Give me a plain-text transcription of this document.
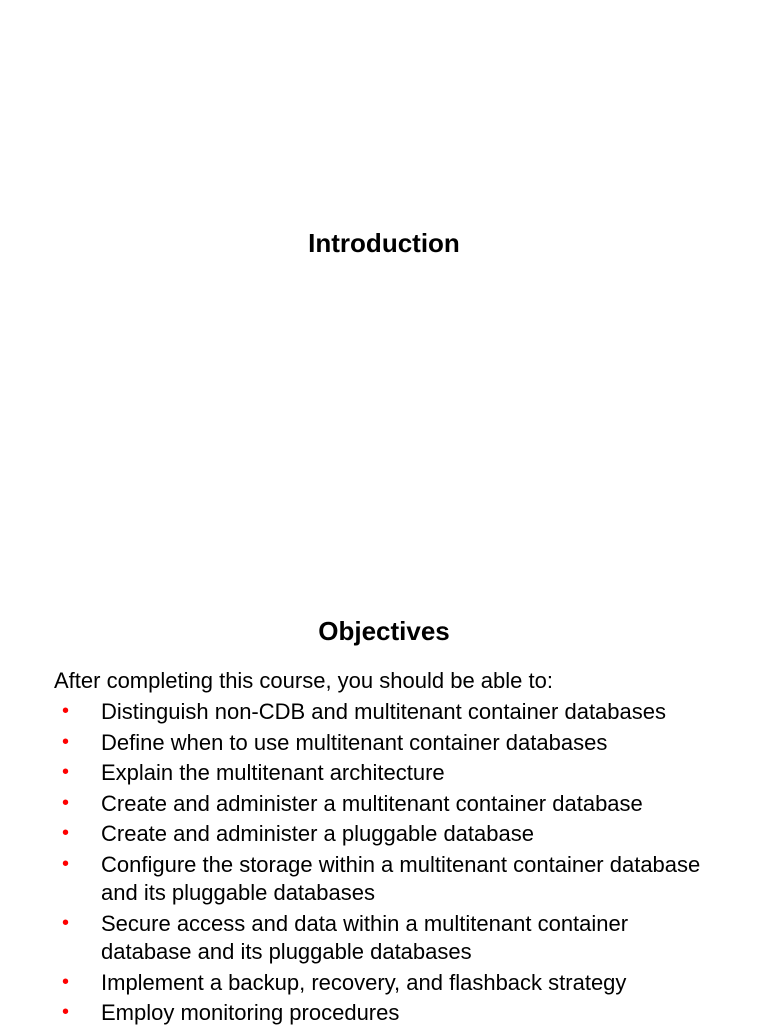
Introduction
Objectives
After completing this course, you should be able to:
• Distinguish non-CDB and multitenant container databases
• Define when to use multitenant container databases
• Explain the multitenant architecture
• Create and administer a multitenant container database
• Create and administer a pluggable database
• Configure the storage within a multitenant container database and its pluggable databases
• Secure access and data within a multitenant container database and its pluggable databases
• Implement a backup, recovery, and flashback strategy
• Employ monitoring procedures
